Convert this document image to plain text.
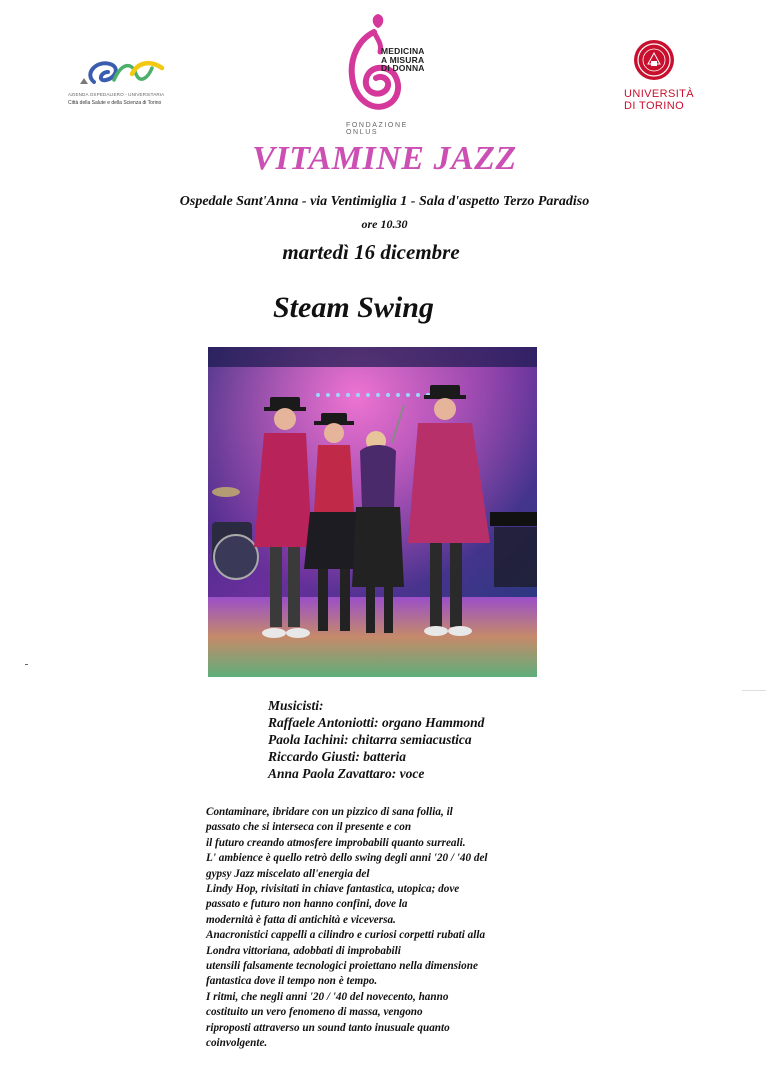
AZIENDA OSPEDALIERO - UNIVERSITARIA
Città della Salute e della Scienza di Torino
MEDICINA
A MISURA
DI DONNA
FONDAZIONE ONLUS
UNIVERSITÀ
DI TORINO
VITAMINE JAZZ
Ospedale Sant'Anna - via Ventimiglia 1 - Sala d'aspetto Terzo Paradiso
ore 10.30
martedì 16 dicembre
Steam Swing
Musicisti:
Raffaele Antoniotti: organo Hammond
Paola Iachini: chitarra semiacustica
Riccardo Giusti: batteria
Anna Paola Zavattaro: voce
Contaminare, ibridare con un pizzico di sana follia, il
passato che si interseca con il presente e con
il futuro creando atmosfere improbabili quanto surreali.
L' ambience è quello retrò dello swing degli anni '20 / '40 del
gypsy Jazz miscelato all'energia del
Lindy Hop, rivisitati in chiave fantastica, utopica; dove
passato e futuro non hanno confini, dove la
modernità è fatta di antichità e viceversa.
Anacronistici cappelli a cilindro e curiosi corpetti rubati alla
Londra vittoriana, adobbati di improbabili
utensili falsamente tecnologici proiettano nella dimensione
fantastica dove il tempo non è tempo.
I ritmi, che negli anni '20 / '40 del novecento, hanno
costituito un vero fenomeno di massa, vengono
riproposti attraverso un sound tanto inusuale quanto
coinvolgente.
